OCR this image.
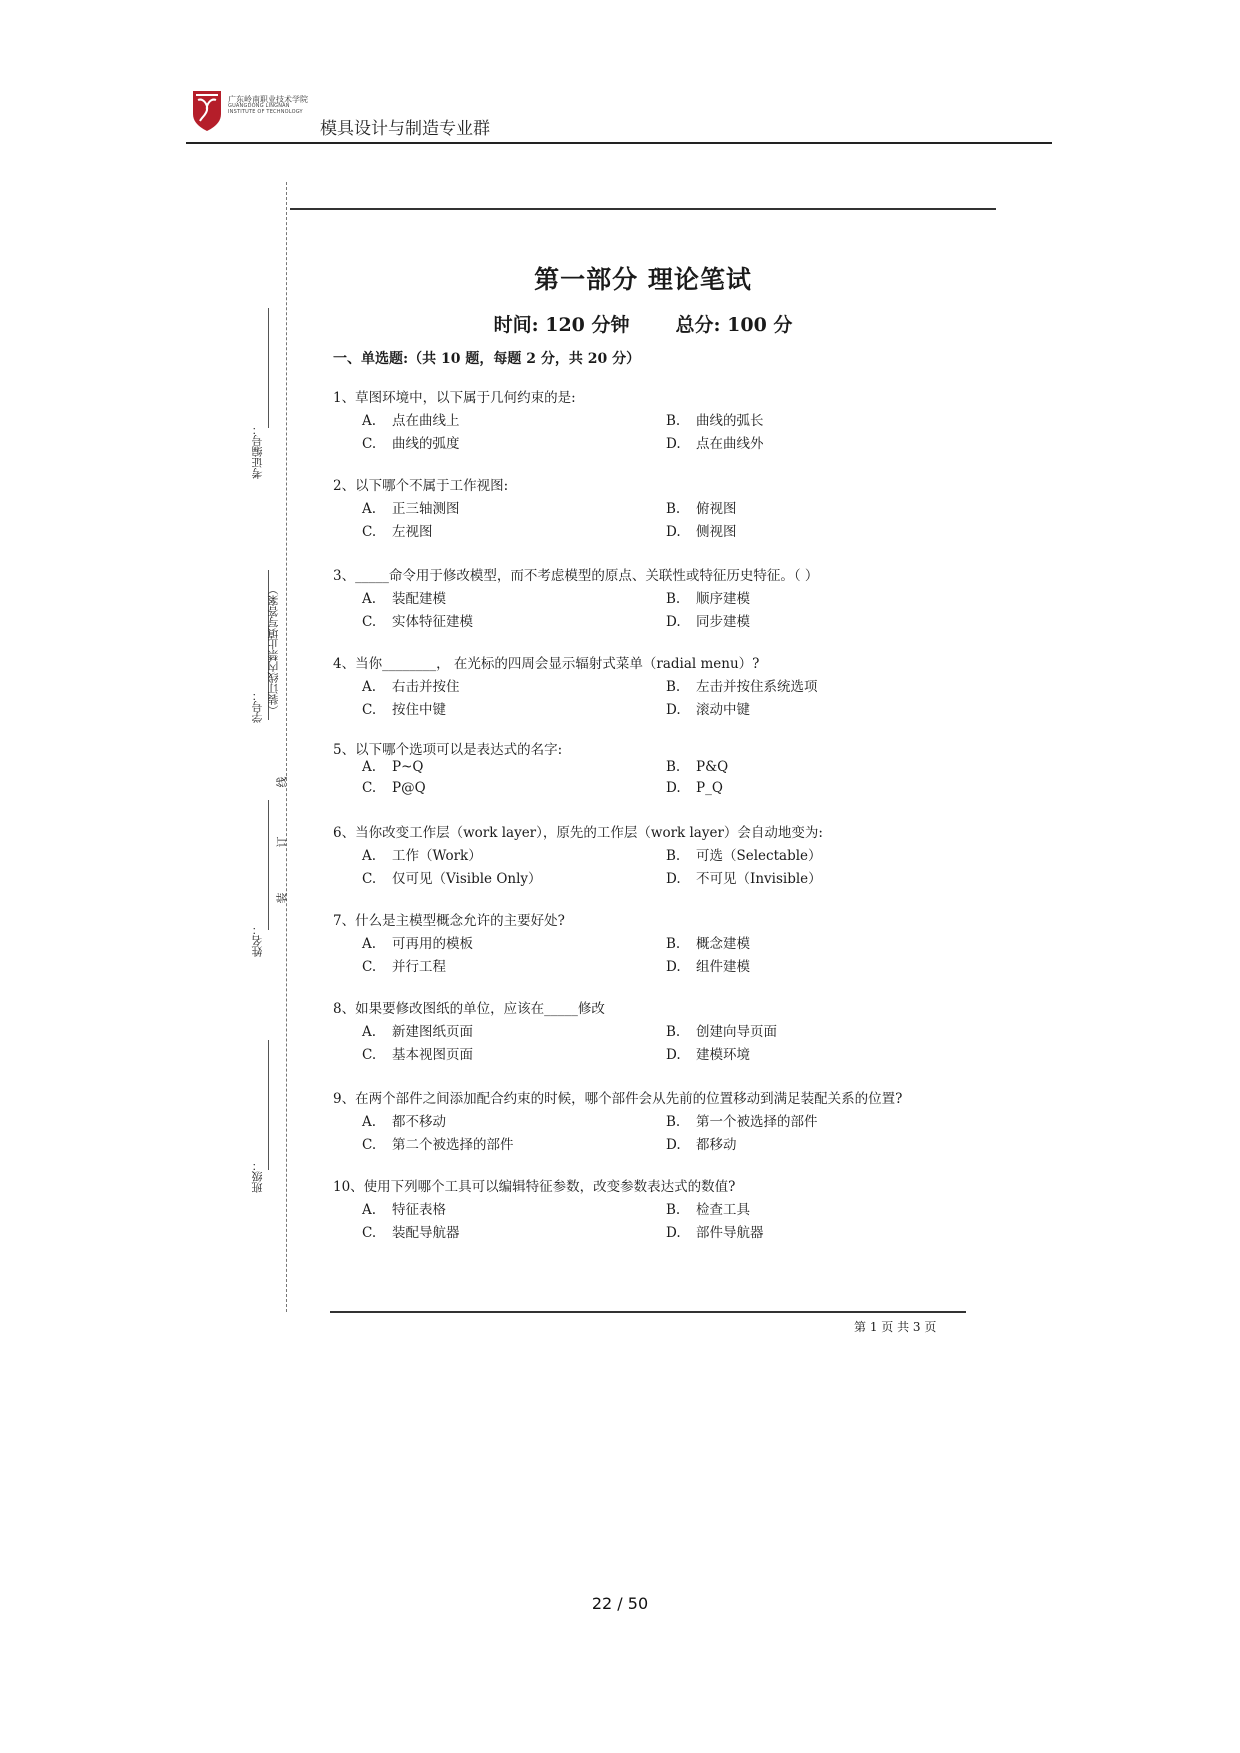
广东岭南职业技术学院
GUANGDONG LINGNAN
INSTITUTE OF TECHNOLOGY
模具设计与制造专业群
考证编号：
学号： （装订线内禁止填写答案）
线
订
装
姓名：
班级：
第一部分 理论笔试
时间: 120 分钟 总分: 100 分
一、单选题:（共 10 题，每题 2 分，共 20 分）
1、草图环境中，以下属于几何约束的是:
A. 点在曲线上	B. 曲线的弧长
C. 曲线的弧度	D. 点在曲线外
2、以下哪个不属于工作视图:
A. 正三轴测图	B. 俯视图
C. 左视图	D. 侧视图
3、_____命令用于修改模型，而不考虑模型的原点、关联性或特征历史特征。（ ）
A. 装配建模	B. 顺序建模
C. 实体特征建模	D. 同步建模
4、当你________， 在光标的四周会显示辐射式菜单（radial menu）?
A. 右击并按住	B. 左击并按住系统选项
C. 按住中键	D. 滚动中键
5、以下哪个选项可以是表达式的名字:
A. P~Q	B. P&Q
C. P@Q	D. P_Q
6、当你改变工作层（work layer），原先的工作层（work layer）会自动地变为:
A. 工作（Work）	B. 可选（Selectable）
C. 仅可见（Visible Only）	D. 不可见（Invisible）
7、什么是主模型概念允许的主要好处?
A. 可再用的模板	B. 概念建模
C. 并行工程	D. 组件建模
8、如果要修改图纸的单位，应该在_____修改
A. 新建图纸页面	B. 创建向导页面
C. 基本视图页面	D. 建模环境
9、在两个部件之间添加配合约束的时候，哪个部件会从先前的位置移动到满足装配关系的位置?
A. 都不移动	B. 第一个被选择的部件
C. 第二个被选择的部件	D. 都移动
10、使用下列哪个工具可以编辑特征参数，改变参数表达式的数值?
A. 特征表格	B. 检查工具
C. 装配导航器	D. 部件导航器
第 1 页 共 3 页
22 / 50
